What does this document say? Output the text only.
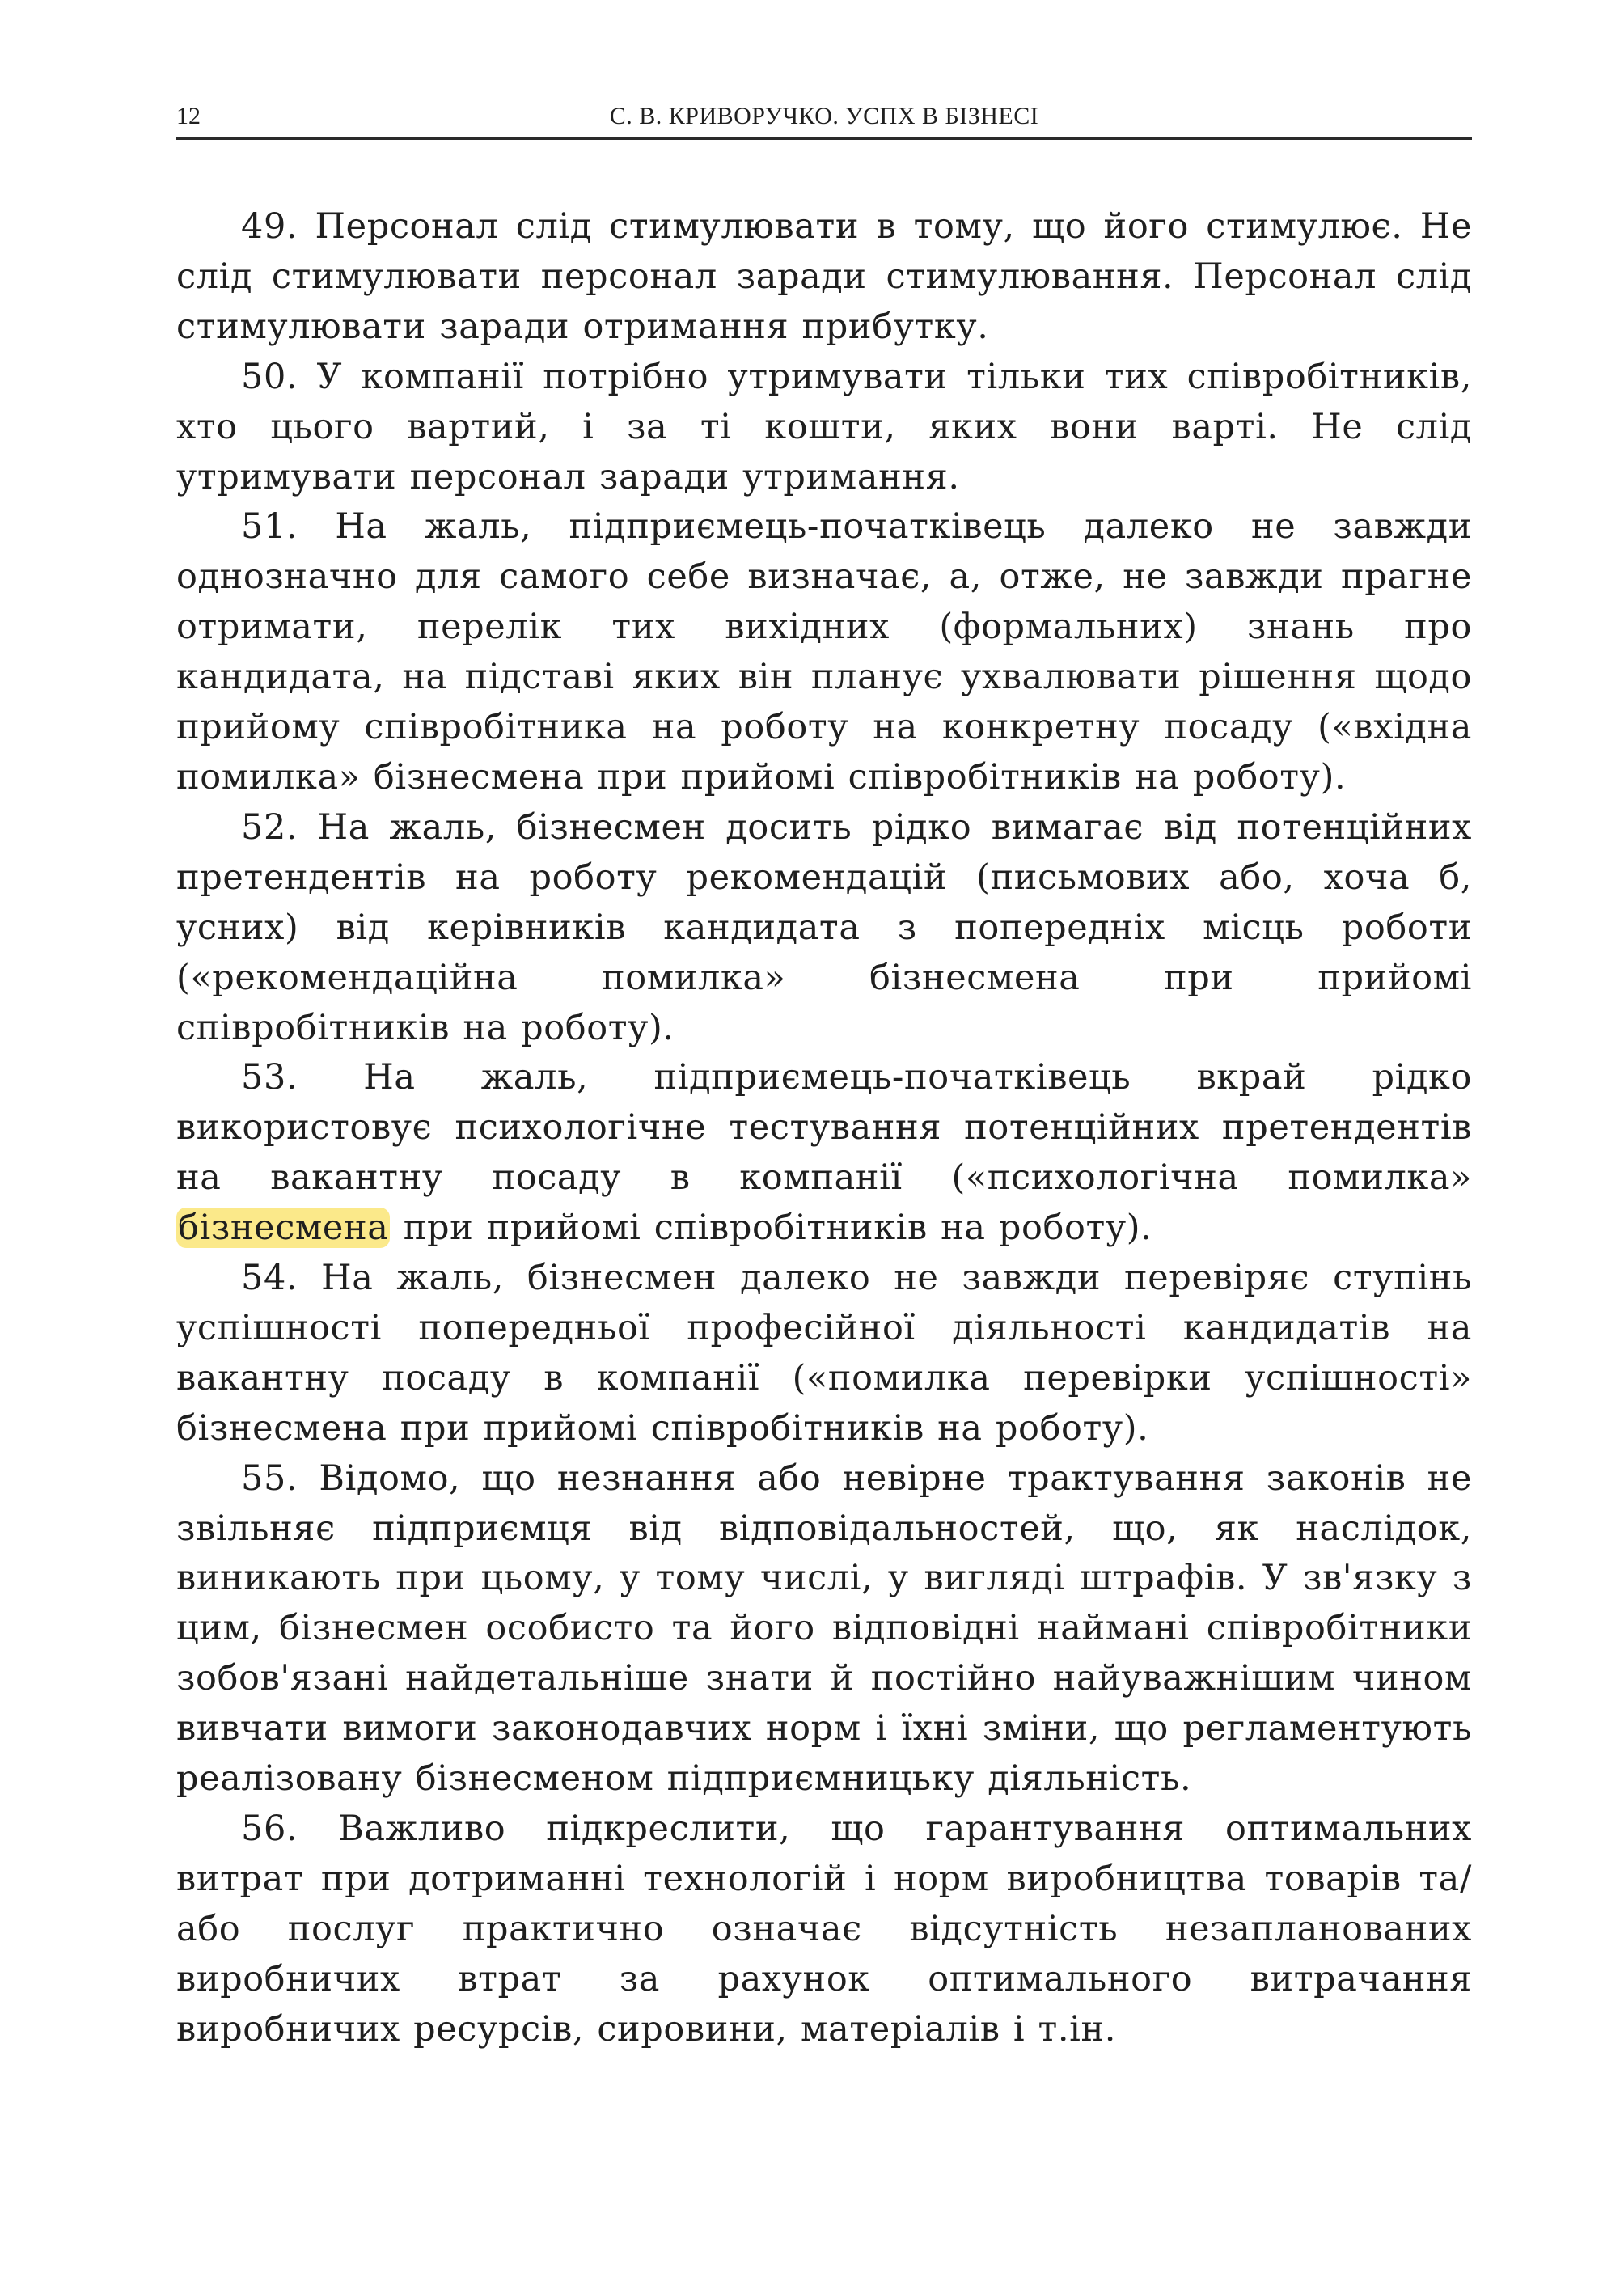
12	С. В. КРИВОРУЧКО. УСПХ В БІЗНЕСІ

49. Персонал слід стимулювати в тому, що його стимулює. Не слід стимулювати персонал заради стимулювання. Персонал слід стимулювати заради отримання прибутку.

50. У компанії потрібно утримувати тільки тих співробітників, хто цього вартий, і за ті кошти, яких вони варті. Не слід утримувати персонал заради утримання.

51. На жаль, підприємець-початківець далеко не завжди однозначно для самого себе визначає, а, отже, не завжди прагне отримати, перелік тих вихідних (формальних) знань про кандидата, на підставі яких він планує ухвалювати рішення щодо прийому співробітника на роботу на конкретну посаду («вхідна помилка» бізнесмена при прийомі співробітників на роботу).

52. На жаль, бізнесмен досить рідко вимагає від потенційних претендентів на роботу рекомендацій (письмових або, хоча б, усних) від керівників кандидата з попередніх місць роботи («рекомендаційна помилка» бізнесмена при прийомі співробітників на роботу).

53. На жаль, підприємець-початківець вкрай рідко використовує психологічне тестування потенційних претендентів на вакантну посаду в компанії («психологічна помилка» бізнесмена при прийомі співробітників на роботу).

54. На жаль, бізнесмен далеко не завжди перевіряє ступінь успішності попередньої професійної діяльності кандидатів на вакантну посаду в компанії («помилка перевірки успішності» бізнесмена при прийомі співробітників на роботу).

55. Відомо, що незнання або невірне трактування законів не звільняє підприємця від відповідальностей, що, як наслідок, виникають при цьому, у тому числі, у вигляді штрафів. У зв'язку з цим, бізнесмен особисто та його відповідні наймані співробітники зобов'язані найдетальніше знати й постійно найуважнішим чином вивчати вимоги законодавчих норм і їхні зміни, що регламентують реалізовану бізнесменом підприємницьку діяльність.

56. Важливо підкреслити, що гарантування оптимальних витрат при дотриманні технологій і норм виробництва товарів та/або послуг практично означає відсутність незапланованих виробничих втрат за рахунок оптимального витрачання виробничих ресурсів, сировини, матеріалів і т.ін.
